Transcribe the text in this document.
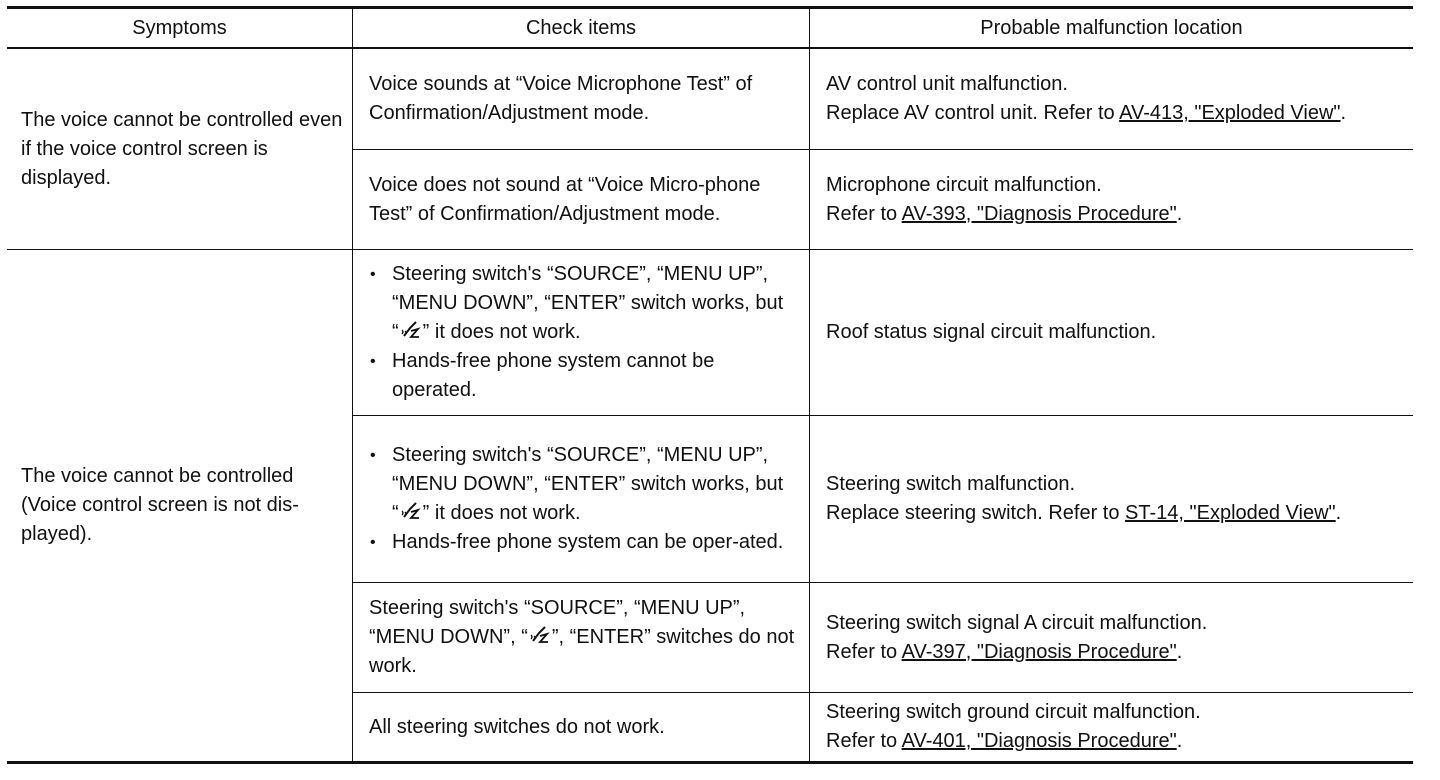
Symptoms	Check items	Probable malfunction location
The voice cannot be controlled even if the voice control screen is displayed.
Voice sounds at “Voice Microphone Test” of Confirmation/Adjustment mode.
AV control unit malfunction.
Replace AV control unit. Refer to AV-413, "Exploded View".
Voice does not sound at “Voice Micro-phone Test” of Confirmation/Adjustment mode.
Microphone circuit malfunction.
Refer to AV-393, "Diagnosis Procedure".
The voice cannot be controlled (Voice control screen is not dis-played).
• Steering switch's “SOURCE”, “MENU UP”, “MENU DOWN”, “ENTER” switch works, but “ ” it does not work.
• Hands-free phone system cannot be operated.
Roof status signal circuit malfunction.
• Steering switch's “SOURCE”, “MENU UP”, “MENU DOWN”, “ENTER” switch works, but “ ” it does not work.
• Hands-free phone system can be oper-ated.
Steering switch malfunction.
Replace steering switch. Refer to ST-14, "Exploded View".
Steering switch's “SOURCE”, “MENU UP”, “MENU DOWN”, “ ”, “ENTER” switches do not work.
Steering switch signal A circuit malfunction.
Refer to AV-397, "Diagnosis Procedure".
All steering switches do not work.
Steering switch ground circuit malfunction.
Refer to AV-401, "Diagnosis Procedure".
